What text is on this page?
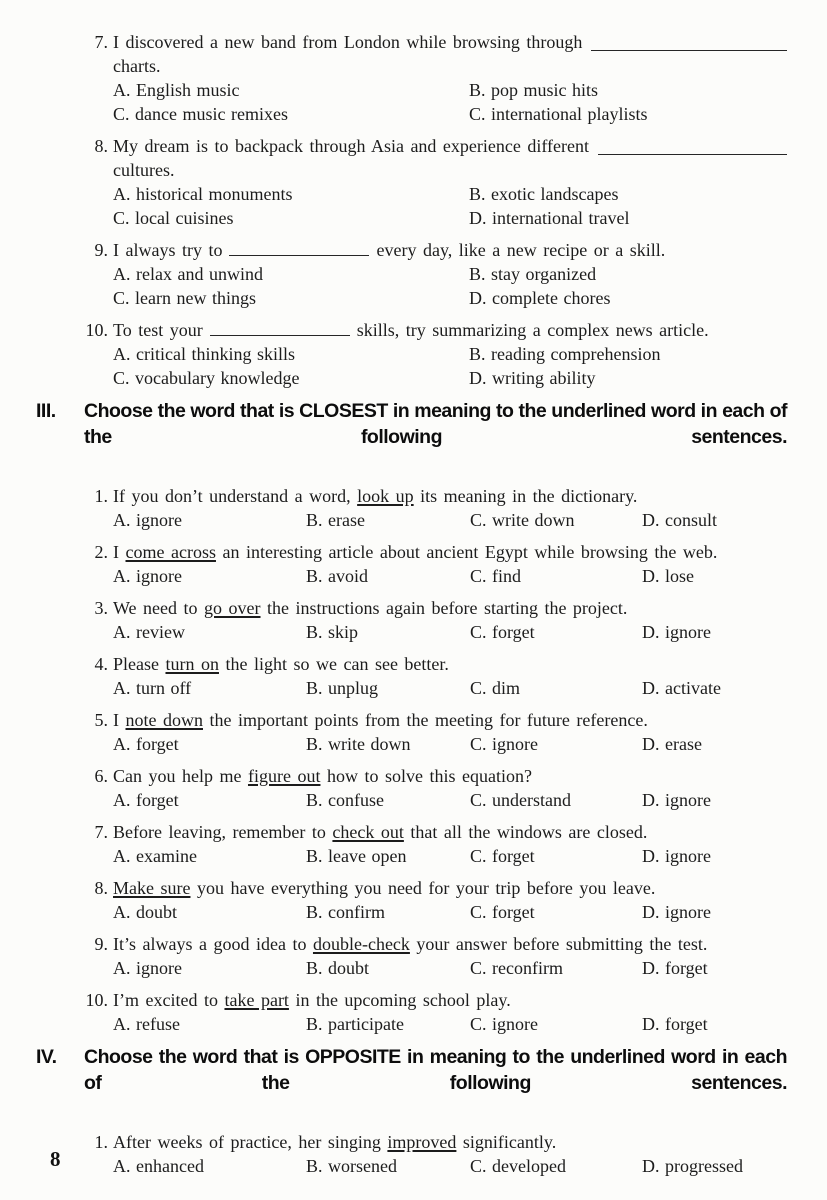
7. I discovered a new band from London while browsing through
charts.
A. English music	B. pop music hits
C. dance music remixes	C. international playlists
8. My dream is to backpack through Asia and experience different
cultures.
A. historical monuments	B. exotic landscapes
C. local cuisines	D. international travel
9. I always try to	every day, like a new recipe or a skill.
A. relax and unwind	B. stay organized
C. learn new things	D. complete chores
10. To test your	skills, try summarizing a complex news article.
A. critical thinking skills	B. reading comprehension
C. vocabulary knowledge	D. writing ability
III.	Choose the word that is CLOSEST in meaning to the underlined word in each of the following sentences.
1. If you don’t understand a word, look up its meaning in the dictionary.
A. ignore	B. erase	C. write down	D. consult
2. I come across an interesting article about ancient Egypt while browsing the web.
A. ignore	B. avoid	C. find	D. lose
3. We need to go over the instructions again before starting the project.
A. review	B. skip	C. forget	D. ignore
4. Please turn on the light so we can see better.
A. turn off	B. unplug	C. dim	D. activate
5. I note down the important points from the meeting for future reference.
A. forget	B. write down	C. ignore	D. erase
6. Can you help me figure out how to solve this equation?
A. forget	B. confuse	C. understand	D. ignore
7. Before leaving, remember to check out that all the windows are closed.
A. examine	B. leave open	C. forget	D. ignore
8. Make sure you have everything you need for your trip before you leave.
A. doubt	B. confirm	C. forget	D. ignore
9. It’s always a good idea to double-check your answer before submitting the test.
A. ignore	B. doubt	C. reconfirm	D. forget
10. I’m excited to take part in the upcoming school play.
A. refuse	B. participate	C. ignore	D. forget
IV.	Choose the word that is OPPOSITE in meaning to the underlined word in each of the following sentences.
1. After weeks of practice, her singing improved significantly.
A. enhanced	B. worsened	C. developed	D. progressed
8
